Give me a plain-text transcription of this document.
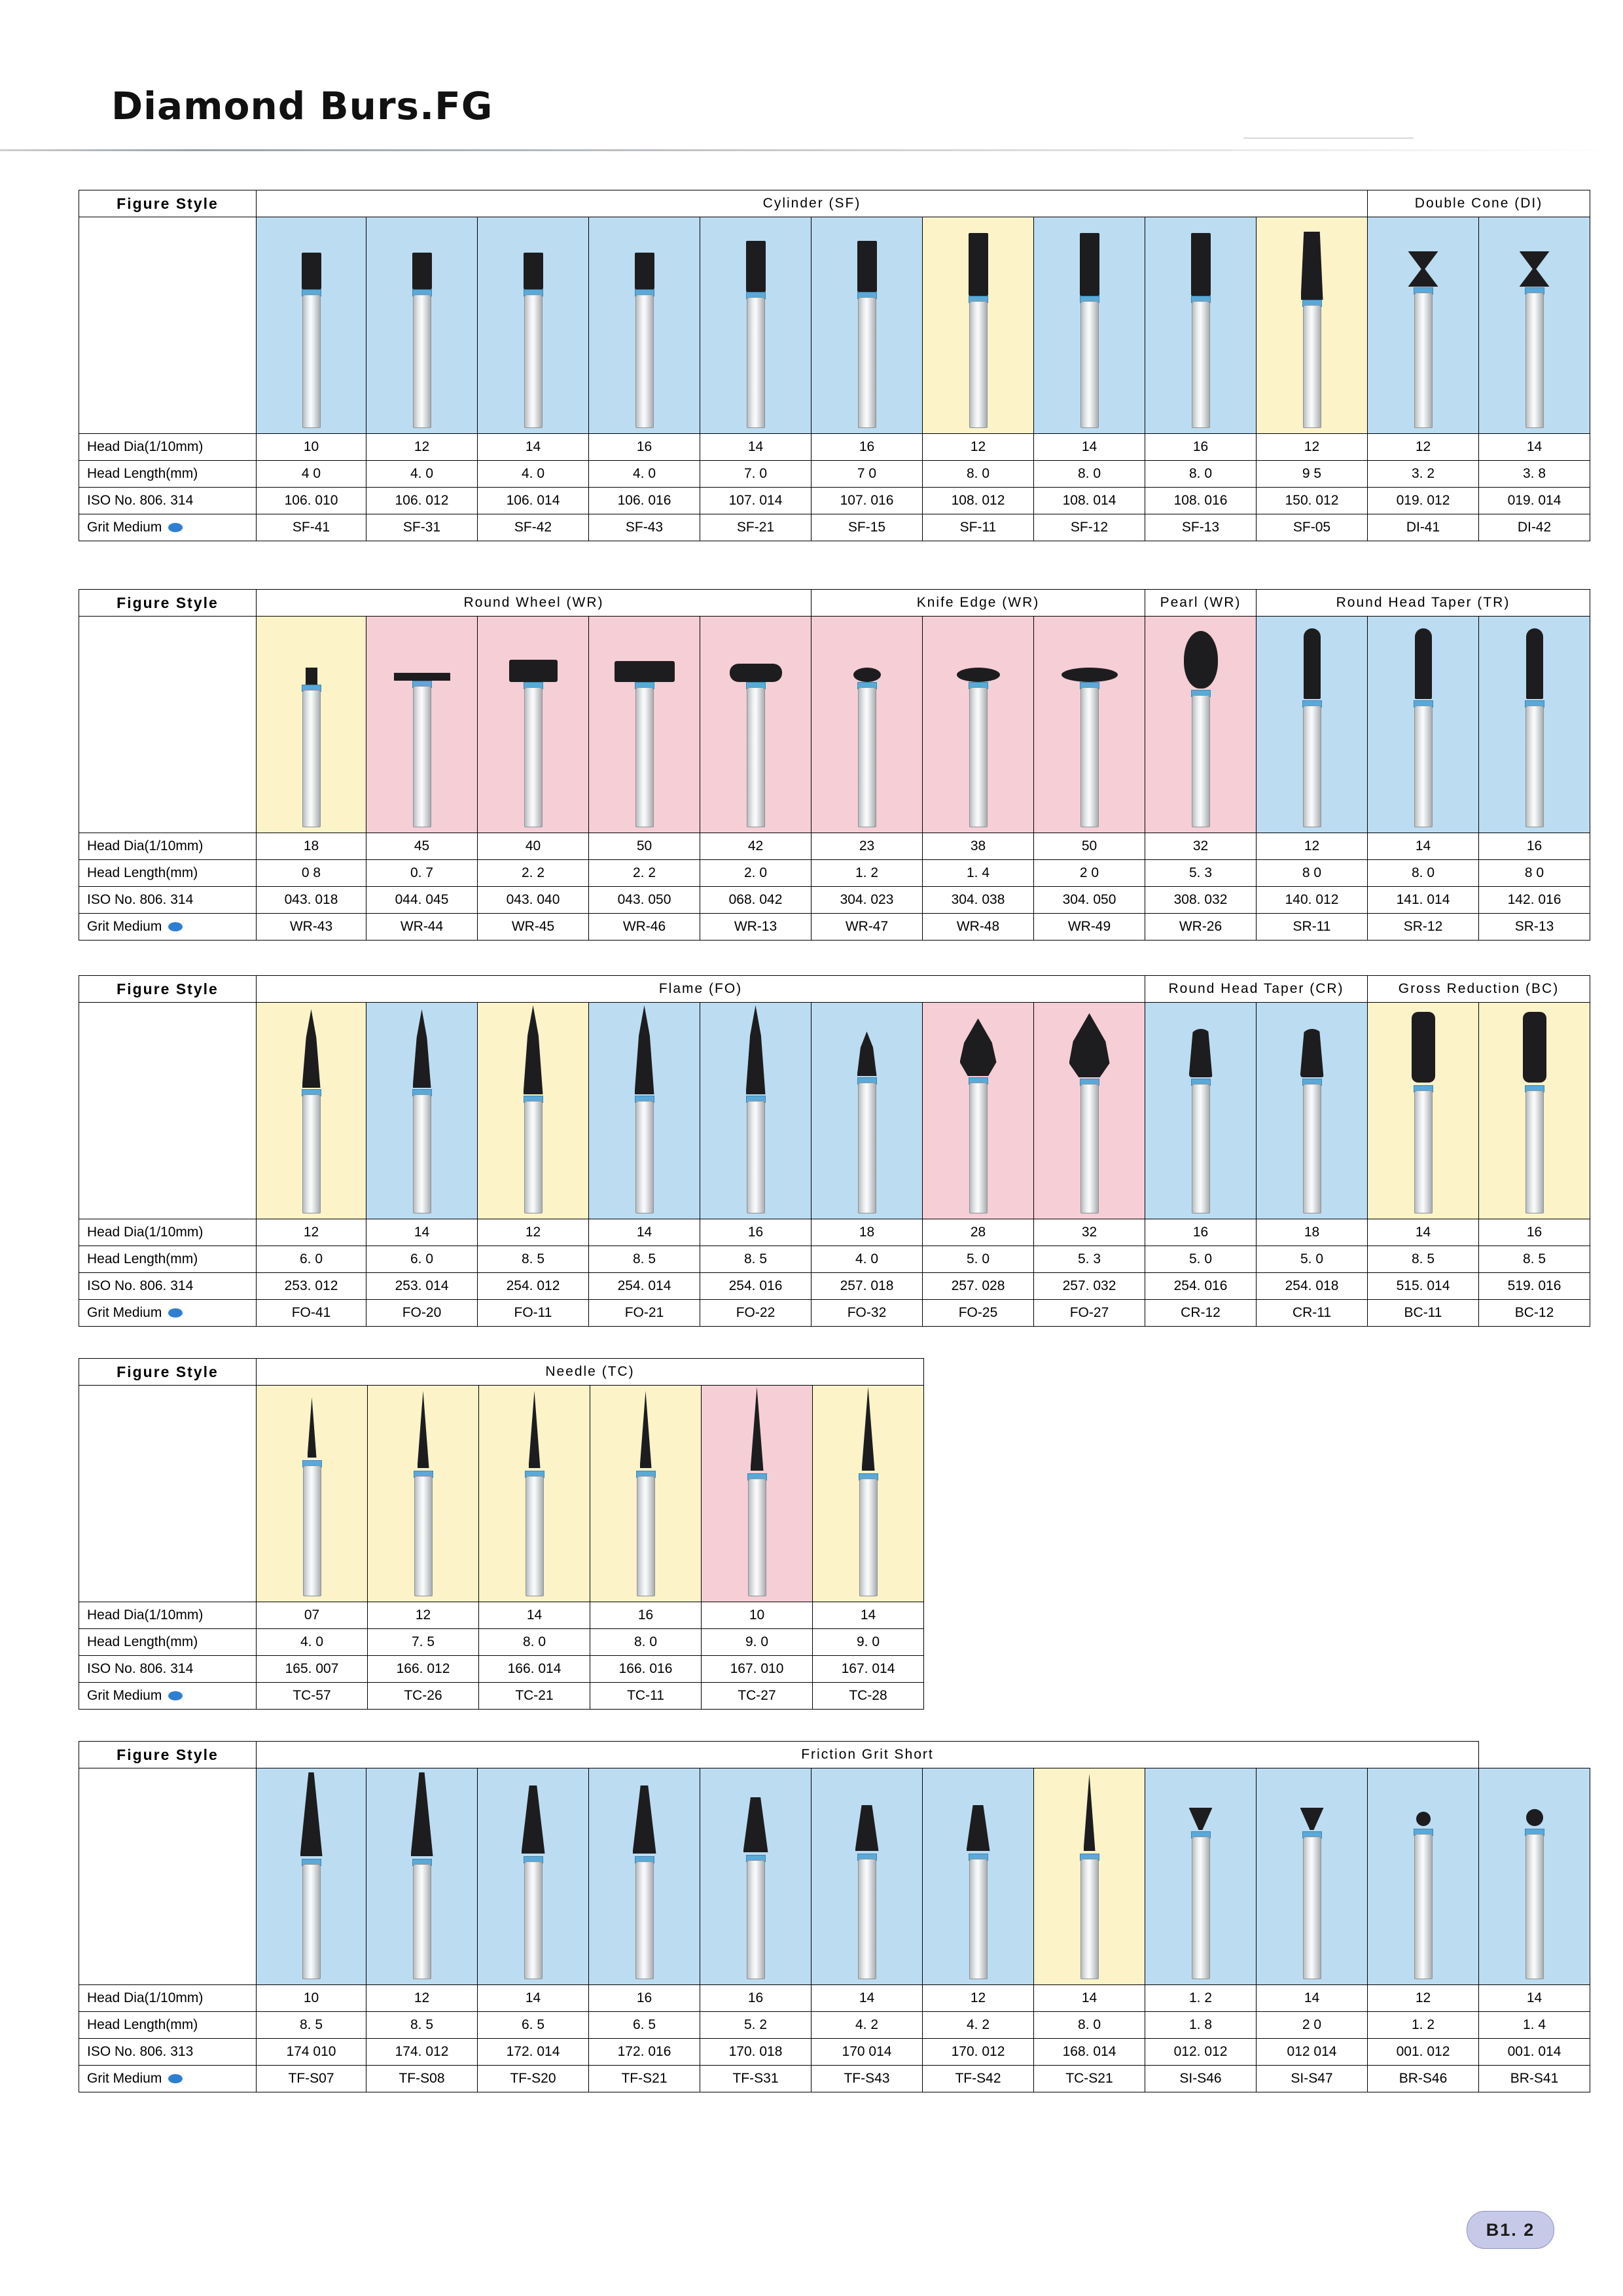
Diamond Burs.FG
Figure Style	Cylinder (SF)										Double Cone (DI)	

Head Dia(1/10mm)	10	12	14	16	14	16	12	14	16	12	12	14
Head Length(mm)	4 0	4. 0	4. 0	4. 0	7. 0	7 0	8. 0	8. 0	8. 0	9 5	3. 2	3. 8
ISO No. 806. 314	106. 010	106. 012	106. 014	106. 016	107. 014	107. 016	108. 012	108. 014	108. 016	150. 012	019. 012	019. 014
Grit Medium	SF-41	SF-31	SF-42	SF-43	SF-21	SF-15	SF-11	SF-12	SF-13	SF-05	DI-41	DI-42
Figure Style	Round Wheel (WR)					Knife Edge (WR)			Pearl (WR)	Round Head Taper (TR)		

Head Dia(1/10mm)	18	45	40	50	42	23	38	50	32	12	14	16
Head Length(mm)	0 8	0. 7	2. 2	2. 2	2. 0	1. 2	1. 4	2 0	5. 3	8 0	8. 0	8 0
ISO No. 806. 314	043. 018	044. 045	043. 040	043. 050	068. 042	304. 023	304. 038	304. 050	308. 032	140. 012	141. 014	142. 016
Grit Medium	WR-43	WR-44	WR-45	WR-46	WR-13	WR-47	WR-48	WR-49	WR-26	SR-11	SR-12	SR-13
Figure Style	Flame (FO)								Round Head Taper (CR)		Gross Reduction (BC)	

Head Dia(1/10mm)	12	14	12	14	16	18	28	32	16	18	14	16
Head Length(mm)	6. 0	6. 0	8. 5	8. 5	8. 5	4. 0	5. 0	5. 3	5. 0	5. 0	8. 5	8. 5
ISO No. 806. 314	253. 012	253. 014	254. 012	254. 014	254. 016	257. 018	257. 028	257. 032	254. 016	254. 018	515. 014	519. 016
Grit Medium	FO-41	FO-20	FO-11	FO-21	FO-22	FO-32	FO-25	FO-27	CR-12	CR-11	BC-11	BC-12
Figure Style	Needle (TC)					

Head Dia(1/10mm)	07	12	14	16	10	14
Head Length(mm)	4. 0	7. 5	8. 0	8. 0	9. 0	9. 0
ISO No. 806. 314	165. 007	166. 012	166. 014	166. 016	167. 010	167. 014
Grit Medium	TC-57	TC-26	TC-21	TC-11	TC-27	TC-28
Figure Style	Friction Grit Short											

Head Dia(1/10mm)	10	12	14	16	16	14	12	14	1. 2	14	12	14
Head Length(mm)	8. 5	8. 5	6. 5	6. 5	5. 2	4. 2	4. 2	8. 0	1. 8	2 0	1. 2	1. 4
ISO No. 806. 313	174 010	174. 012	172. 014	172. 016	170. 018	170 014	170. 012	168. 014	012. 012	012 014	001. 012	001. 014
Grit Medium	TF-S07	TF-S08	TF-S20	TF-S21	TF-S31	TF-S43	TF-S42	TC-S21	SI-S46	SI-S47	BR-S46	BR-S41
B1. 2
